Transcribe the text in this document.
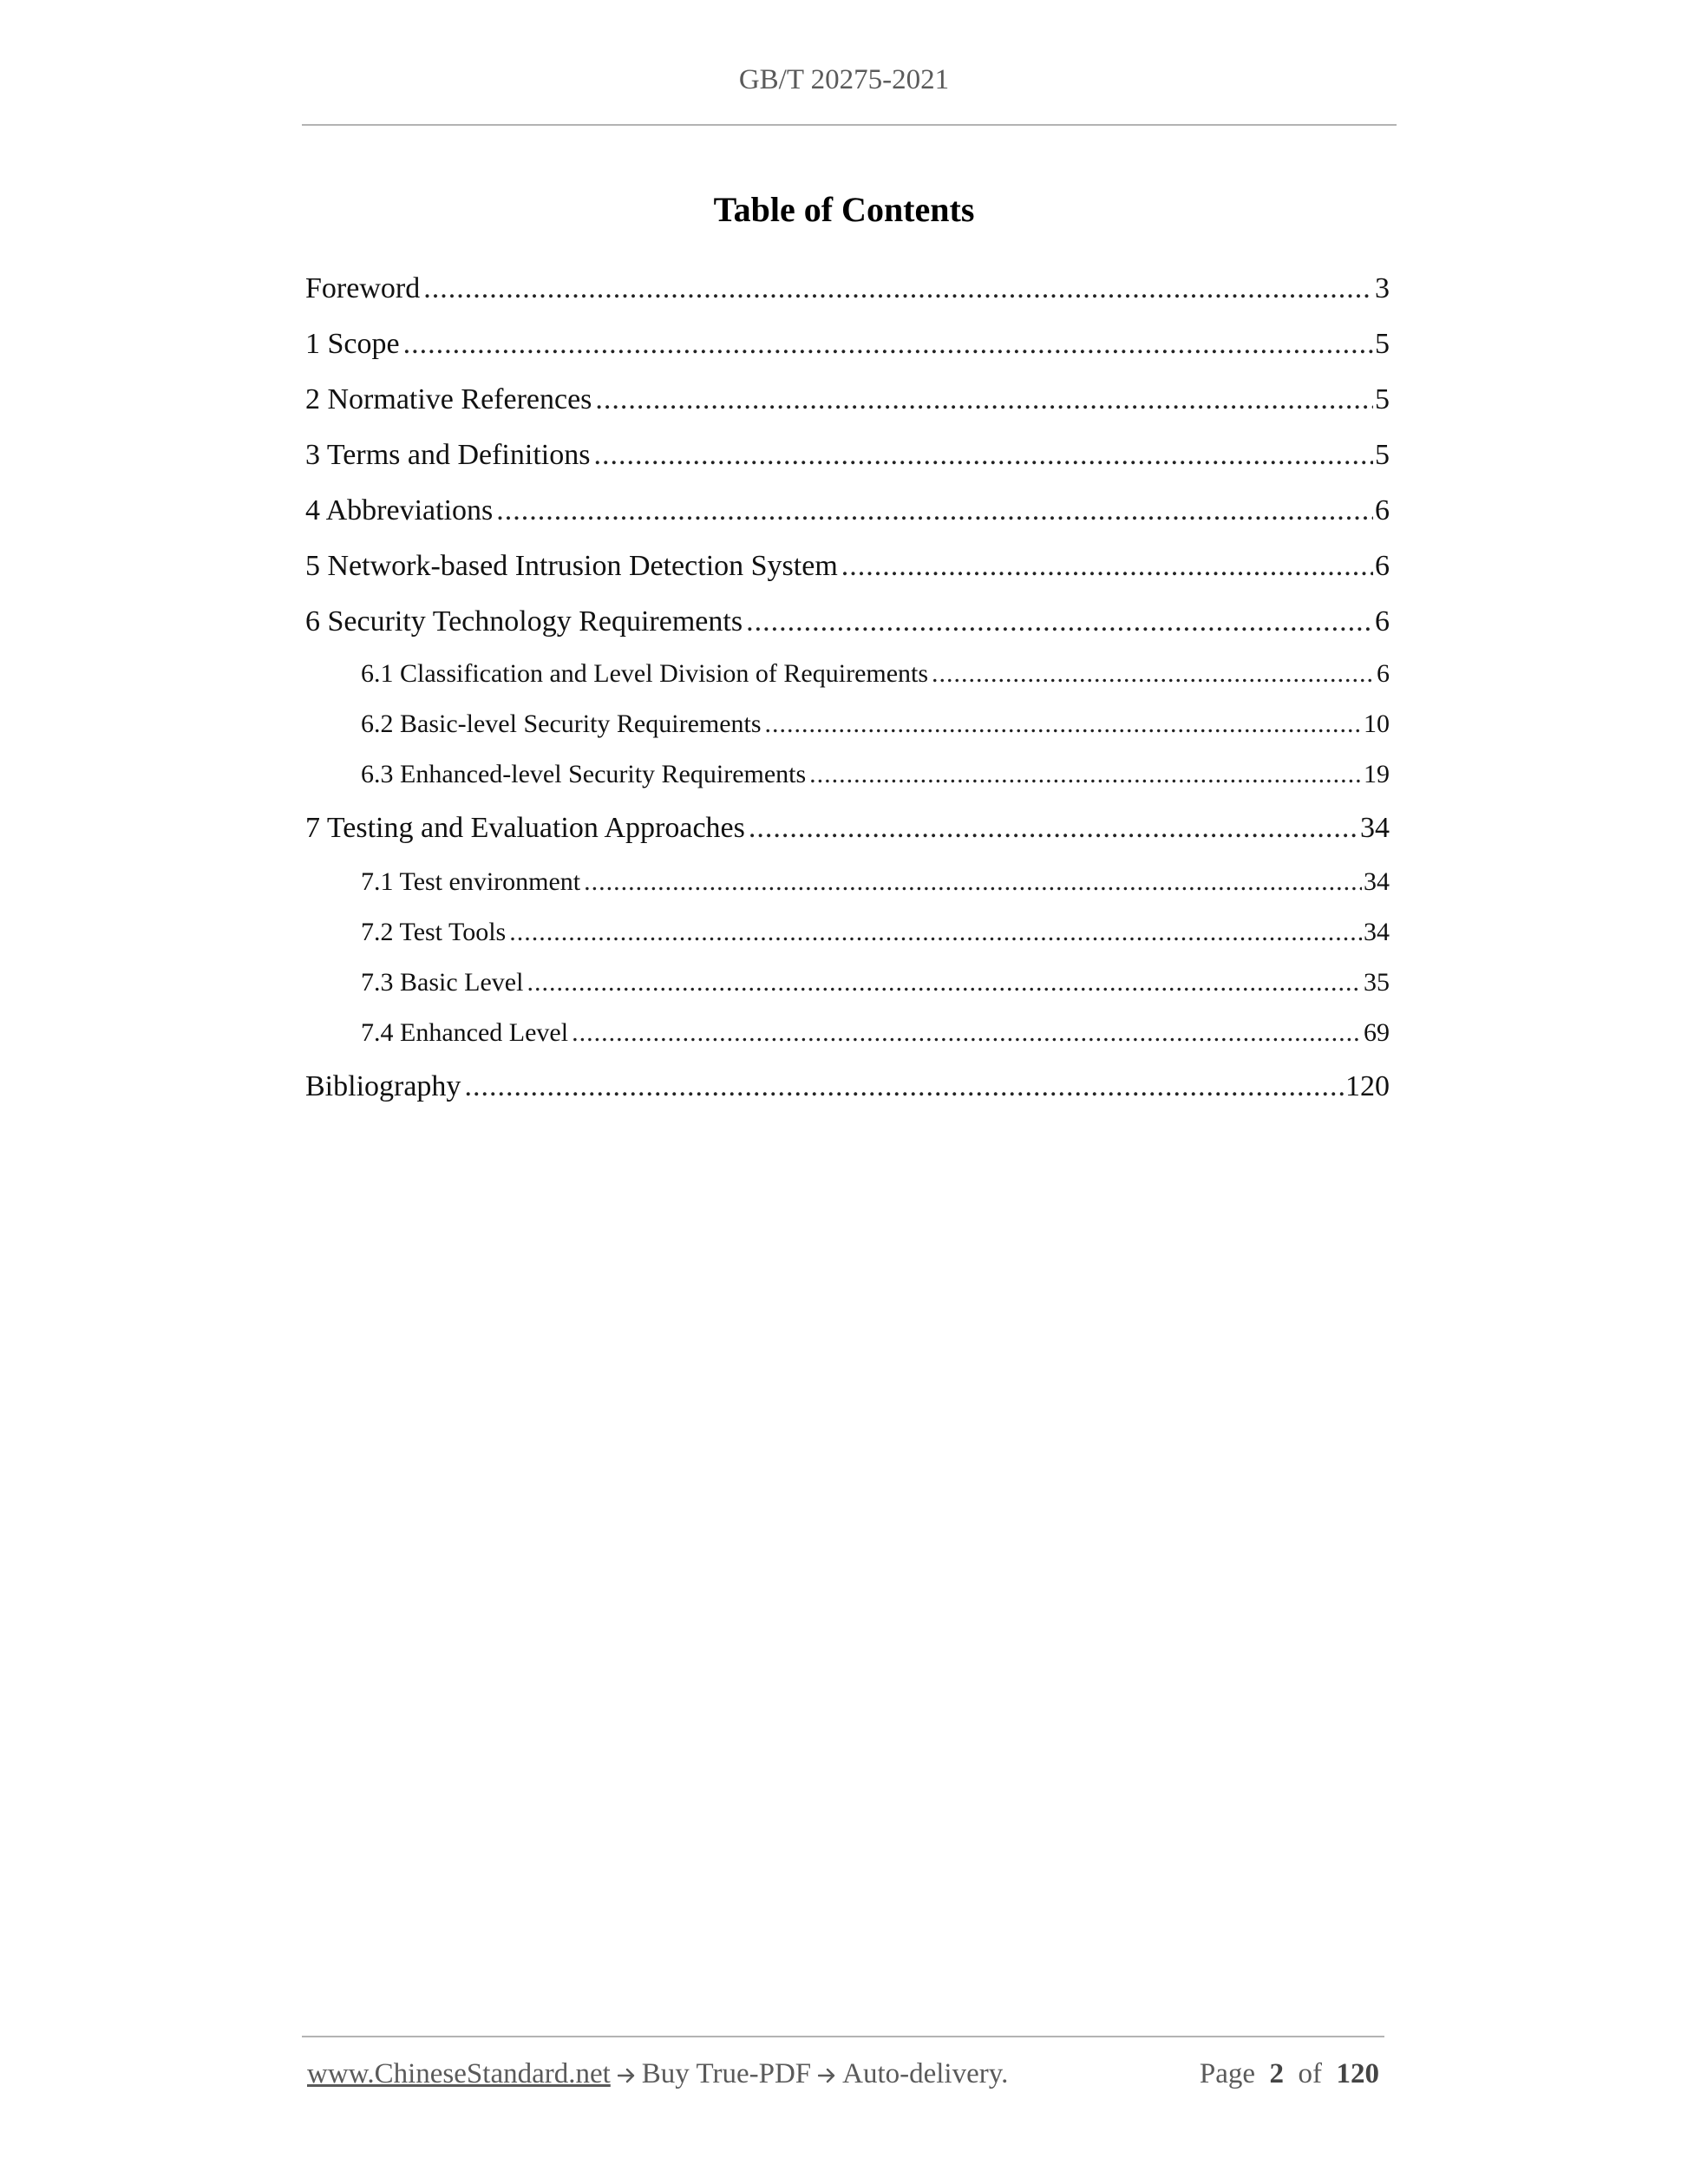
GB/T 20275-2021
Table of Contents
Foreword .....	3
1 Scope .....	5
2 Normative References .....	5
3 Terms and Definitions .....	5
4 Abbreviations .....	6
5 Network-based Intrusion Detection System .....	6
6 Security Technology Requirements .....	6
6.1 Classification and Level Division of Requirements .....	6
6.2 Basic-level Security Requirements .....	10
6.3 Enhanced-level Security Requirements .....	19
7 Testing and Evaluation Approaches .....	34
7.1 Test environment .....	34
7.2 Test Tools .....	34
7.3 Basic Level .....	35
7.4 Enhanced Level .....	69
Bibliography .....	120
www.ChineseStandard.net Buy True-PDF Auto-delivery.	Page 2 of 120
